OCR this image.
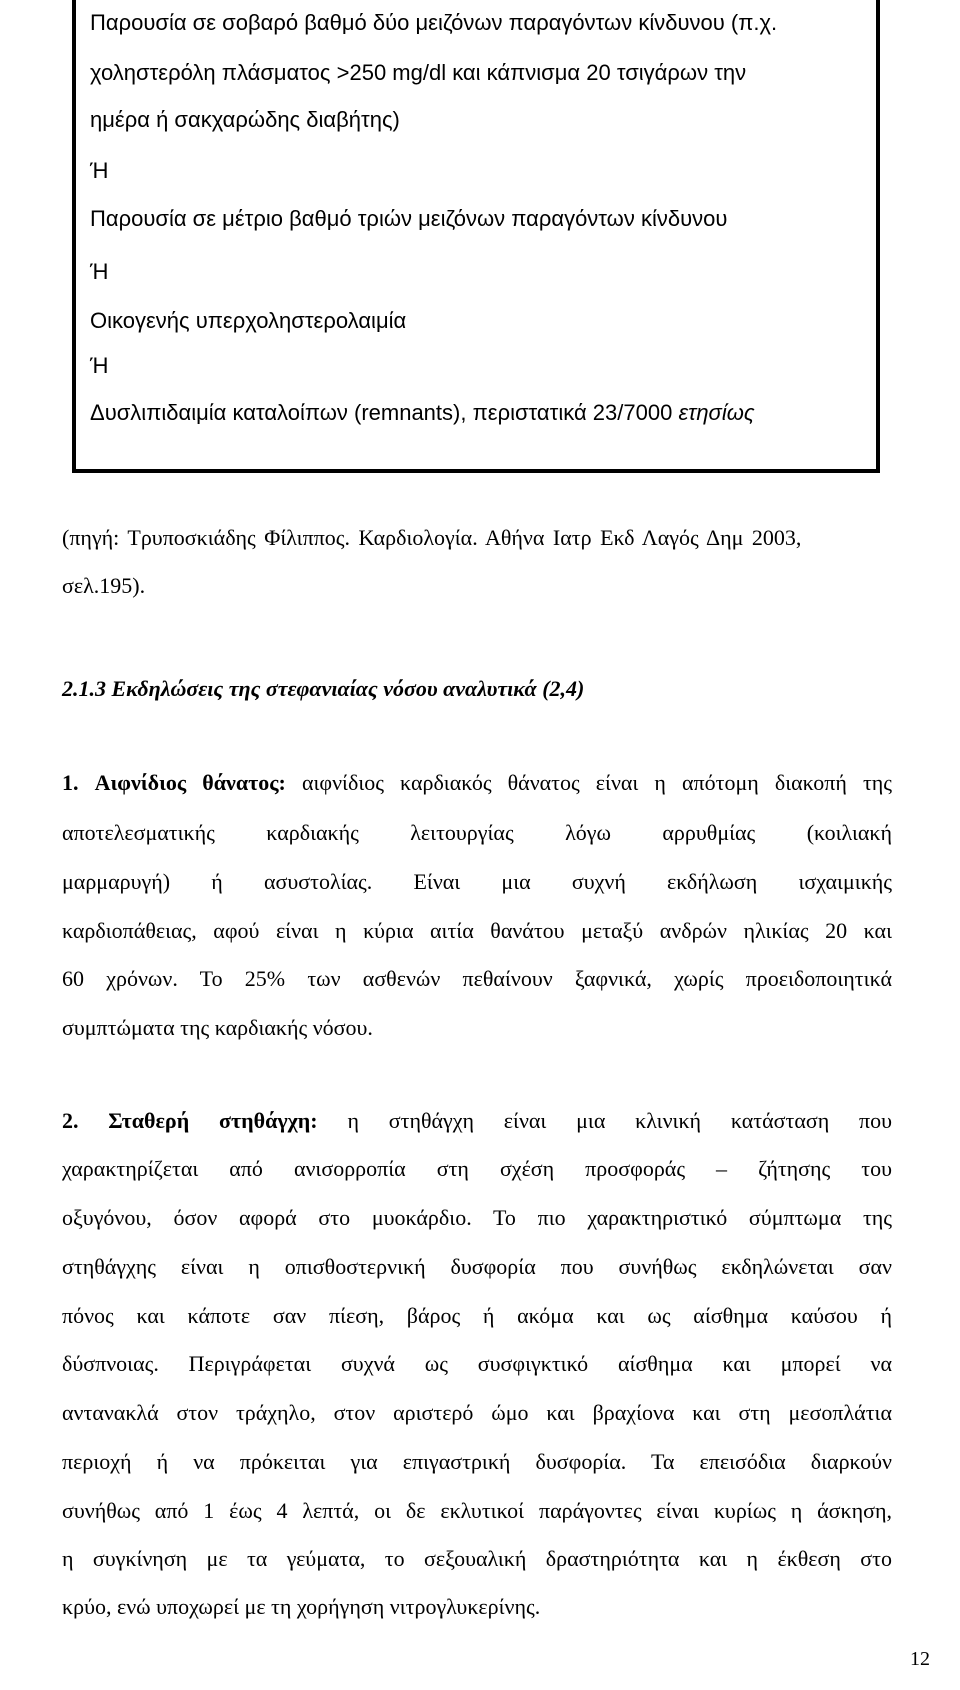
Παρουσία σε σοβαρό βαθμό δύο μειζόνων παραγόντων κίνδυνου (π.χ.
χοληστερόλη πλάσματος >250 mg/dl και κάπνισμα 20 τσιγάρων την
ημέρα ή σακχαρώδης διαβήτης)
Ή
Παρουσία σε μέτριο βαθμό τριών μειζόνων παραγόντων κίνδυνου
Ή
Οικογενής υπερχοληστερολαιμία
Ή
Δυσλιπιδαιμία καταλοίπων (remnants), περιστατικά 23/7000 ετησίως
(πηγή: Τρυποσκιάδης Φίλιππος. Καρδιολογία. Αθήνα Ιατρ Εκδ Λαγός Δημ 2003,
σελ.195).
2.1.3 Εκδηλώσεις της στεφανιαίας νόσου αναλυτικά (2,4)
1. Αιφνίδιος θάνατος: αιφνίδιος καρδιακός θάνατος είναι η απότομη διακοπή της
αποτελεσματικής καρδιακής λειτουργίας λόγω αρρυθμίας (κοιλιακή
μαρμαρυγή) ή ασυστολίας. Είναι μια συχνή εκδήλωση ισχαιμικής
καρδιοπάθειας, αφού είναι η κύρια αιτία θανάτου μεταξύ ανδρών ηλικίας 20 και
60 χρόνων. Το 25% των ασθενών πεθαίνουν ξαφνικά, χωρίς προειδοποιητικά
συμπτώματα της καρδιακής νόσου.
2. Σταθερή στηθάγχη: η στηθάγχη είναι μια κλινική κατάσταση που
χαρακτηρίζεται από ανισορροπία στη σχέση προσφοράς – ζήτησης του
οξυγόνου, όσον αφορά στο μυοκάρδιο. Το πιο χαρακτηριστικό σύμπτωμα της
στηθάγχης είναι η οπισθοστερνική δυσφορία που συνήθως εκδηλώνεται σαν
πόνος και κάποτε σαν πίεση, βάρος ή ακόμα και ως αίσθημα καύσου ή
δύσπνοιας. Περιγράφεται συχνά ως συσφιγκτικό αίσθημα και μπορεί να
αντανακλά στον τράχηλο, στον αριστερό ώμο και βραχίονα και στη μεσοπλάτια
περιοχή ή να πρόκειται για επιγαστρική δυσφορία. Τα επεισόδια διαρκούν
συνήθως από 1 έως 4 λεπτά, οι δε εκλυτικοί παράγοντες είναι κυρίως η άσκηση,
η συγκίνηση με τα γεύματα, το σεξουαλική δραστηριότητα και η έκθεση στο
κρύο, ενώ υποχωρεί με τη χορήγηση νιτρογλυκερίνης.
12
